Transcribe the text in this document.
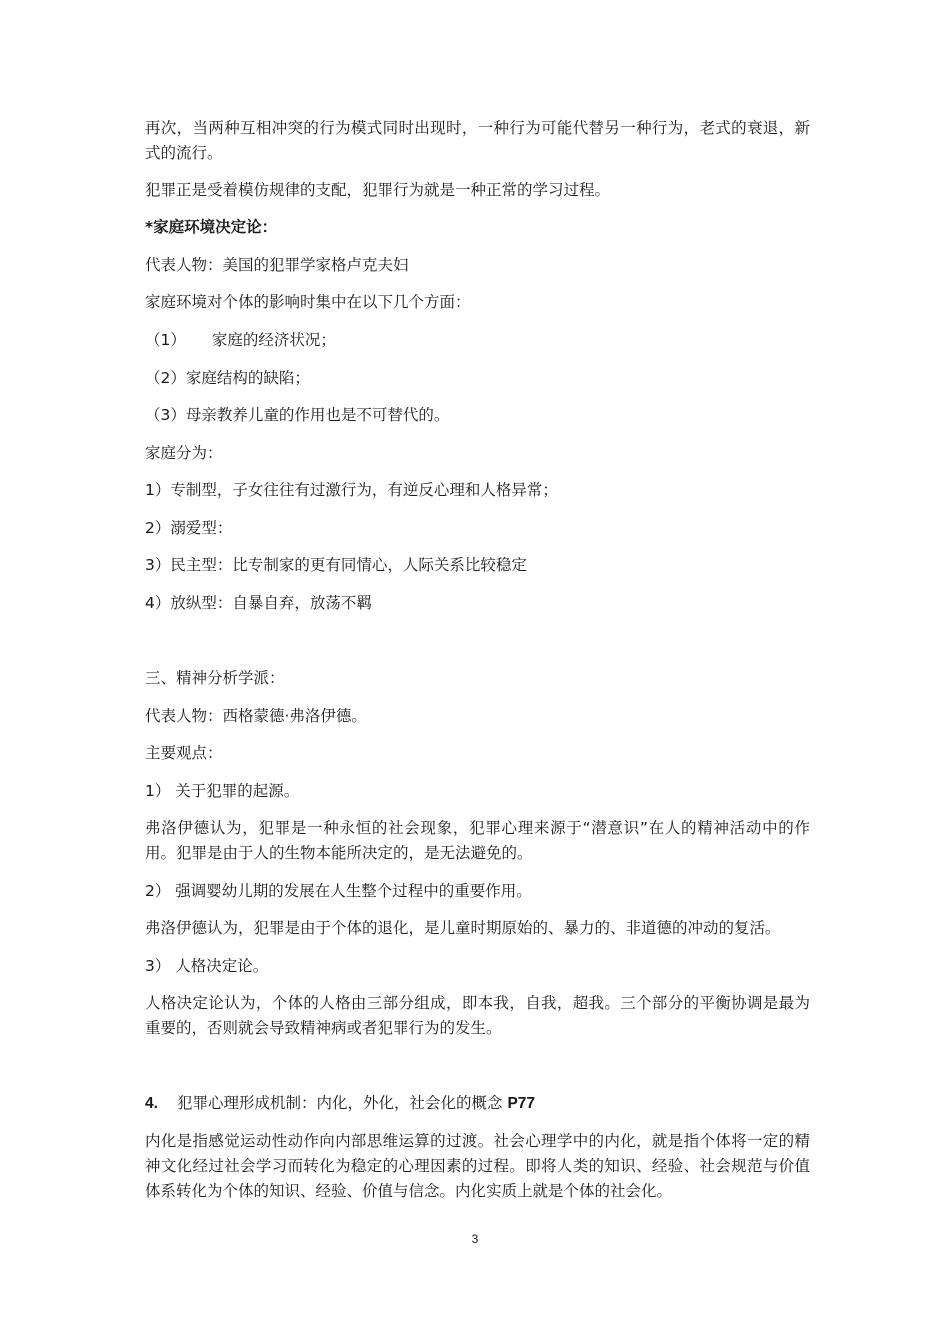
再次，当两种互相冲突的行为模式同时出现时，一种行为可能代替另一种行为，老式的衰退，新式的流行。

犯罪正是受着模仿规律的支配，犯罪行为就是一种正常的学习过程。

*家庭环境决定论：

代表人物：美国的犯罪学家格卢克夫妇

家庭环境对个体的影响时集中在以下几个方面：

（1） 家庭的经济状况；

（2）家庭结构的缺陷；

（3）母亲教养儿童的作用也是不可替代的。

家庭分为：

1）专制型，子女往往有过激行为，有逆反心理和人格异常；

2）溺爱型：

3）民主型：比专制家的更有同情心，人际关系比较稳定

4）放纵型：自暴自弃，放荡不羁

三、精神分析学派：

代表人物：西格蒙德·弗洛伊德。

主要观点：

1） 关于犯罪的起源。

弗洛伊德认为，犯罪是一种永恒的社会现象，犯罪心理来源于“潜意识”在人的精神活动中的作用。犯罪是由于人的生物本能所决定的，是无法避免的。

2） 强调婴幼儿期的发展在人生整个过程中的重要作用。

弗洛伊德认为，犯罪是由于个体的退化，是儿童时期原始的、暴力的、非道德的冲动的复活。

3） 人格决定论。

人格决定论认为，个体的人格由三部分组成，即本我，自我，超我。三个部分的平衡协调是最为重要的，否则就会导致精神病或者犯罪行为的发生。

4. 犯罪心理形成机制：内化，外化，社会化的概念 P77

内化是指感觉运动性动作向内部思维运算的过渡。社会心理学中的内化，就是指个体将一定的精神文化经过社会学习而转化为稳定的心理因素的过程。即将人类的知识、经验、社会规范与价值体系转化为个体的知识、经验、价值与信念。内化实质上就是个体的社会化。

3
